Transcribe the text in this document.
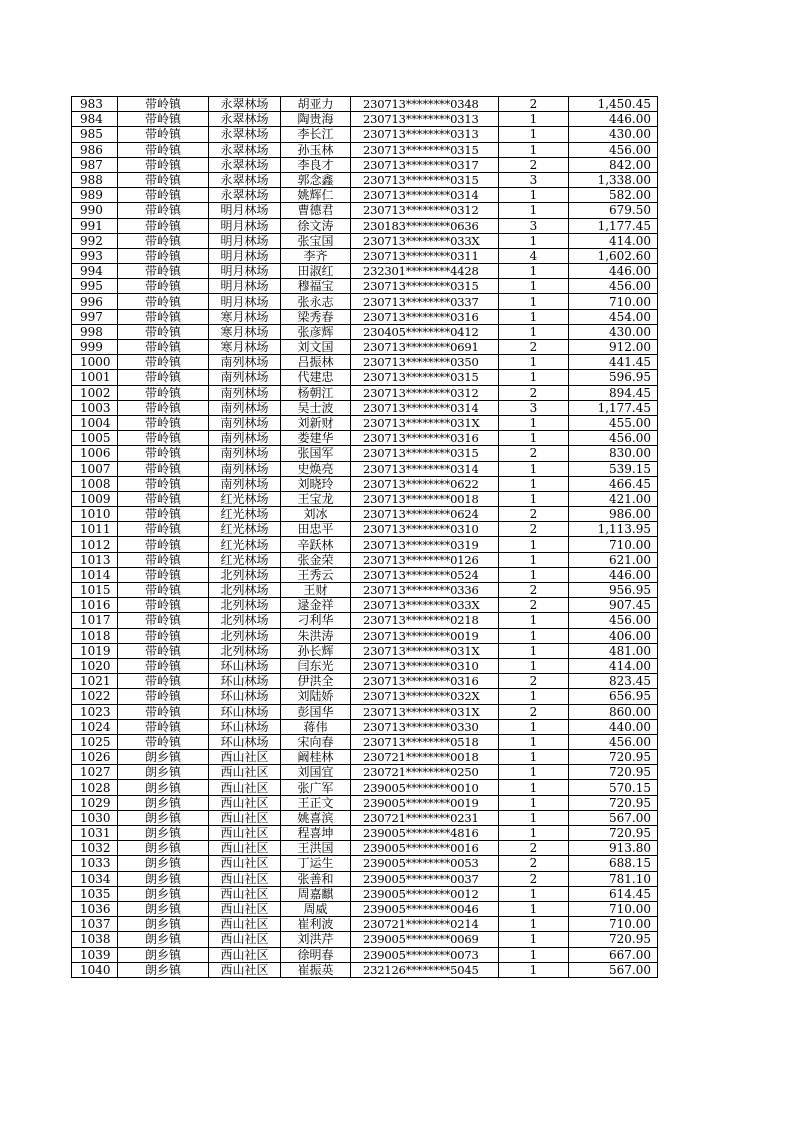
983	带岭镇	永翠林场	胡亚力	230713********0348	2	1,450.45
984	带岭镇	永翠林场	陶贵海	230713********0313	1	446.00
985	带岭镇	永翠林场	李长江	230713********0313	1	430.00
986	带岭镇	永翠林场	孙玉林	230713********0315	1	456.00
987	带岭镇	永翠林场	李良才	230713********0317	2	842.00
988	带岭镇	永翠林场	郭念鑫	230713********0315	3	1,338.00
989	带岭镇	永翠林场	姚辉仁	230713********0314	1	582.00
990	带岭镇	明月林场	曹德君	230713********0312	1	679.50
991	带岭镇	明月林场	徐文涛	230183********0636	3	1,177.45
992	带岭镇	明月林场	张宝国	230713********033X	1	414.00
993	带岭镇	明月林场	李齐	230713********0311	4	1,602.60
994	带岭镇	明月林场	田淑红	232301********4428	1	446.00
995	带岭镇	明月林场	穆福宝	230713********0315	1	456.00
996	带岭镇	明月林场	张永志	230713********0337	1	710.00
997	带岭镇	寒月林场	梁秀春	230713********0316	1	454.00
998	带岭镇	寒月林场	张彦辉	230405********0412	1	430.00
999	带岭镇	寒月林场	刘文国	230713********0691	2	912.00
1000	带岭镇	南列林场	吕振林	230713********0350	1	441.45
1001	带岭镇	南列林场	代建忠	230713********0315	1	596.95
1002	带岭镇	南列林场	杨朝江	230713********0312	2	894.45
1003	带岭镇	南列林场	吴士波	230713********0314	3	1,177.45
1004	带岭镇	南列林场	刘新财	230713********031X	1	455.00
1005	带岭镇	南列林场	娄建华	230713********0316	1	456.00
1006	带岭镇	南列林场	张国军	230713********0315	2	830.00
1007	带岭镇	南列林场	史焕亮	230713********0314	1	539.15
1008	带岭镇	南列林场	刘晓玲	230713********0622	1	466.45
1009	带岭镇	红光林场	王宝龙	230713********0018	1	421.00
1010	带岭镇	红光林场	刘冰	230713********0624	2	986.00
1011	带岭镇	红光林场	田忠平	230713********0310	2	1,113.95
1012	带岭镇	红光林场	辛跃林	230713********0319	1	710.00
1013	带岭镇	红光林场	张金荣	230713********0126	1	621.00
1014	带岭镇	北列林场	王秀云	230713********0524	1	446.00
1015	带岭镇	北列林场	王财	230713********0336	2	956.95
1016	带岭镇	北列林场	逯金祥	230713********033X	2	907.45
1017	带岭镇	北列林场	刁利华	230713********0218	1	456.00
1018	带岭镇	北列林场	朱洪涛	230713********0019	1	406.00
1019	带岭镇	北列林场	孙长辉	230713********031X	1	481.00
1020	带岭镇	环山林场	闫东光	230713********0310	1	414.00
1021	带岭镇	环山林场	伊洪全	230713********0316	2	823.45
1022	带岭镇	环山林场	刘陆娇	230713********032X	1	656.95
1023	带岭镇	环山林场	彭国华	230713********031X	2	860.00
1024	带岭镇	环山林场	蒋伟	230713********0330	1	440.00
1025	带岭镇	环山林场	宋向春	230713********0518	1	456.00
1026	朗乡镇	西山社区	阚桂林	230721********0018	1	720.95
1027	朗乡镇	西山社区	刘国宜	230721********0250	1	720.95
1028	朗乡镇	西山社区	张广军	239005********0010	1	570.15
1029	朗乡镇	西山社区	王正文	239005********0019	1	720.95
1030	朗乡镇	西山社区	姚喜滨	230721********0231	1	567.00
1031	朗乡镇	西山社区	程喜坤	239005********4816	1	720.95
1032	朗乡镇	西山社区	王洪国	239005********0016	2	913.80
1033	朗乡镇	西山社区	丁运生	239005********0053	2	688.15
1034	朗乡镇	西山社区	张善和	239005********0037	2	781.10
1035	朗乡镇	西山社区	周嘉麒	239005********0012	1	614.45
1036	朗乡镇	西山社区	周威	239005********0046	1	710.00
1037	朗乡镇	西山社区	崔利波	230721********0214	1	710.00
1038	朗乡镇	西山社区	刘洪芹	239005********0069	1	720.95
1039	朗乡镇	西山社区	徐明春	239005********0073	1	667.00
1040	朗乡镇	西山社区	崔振英	232126********5045	1	567.00
